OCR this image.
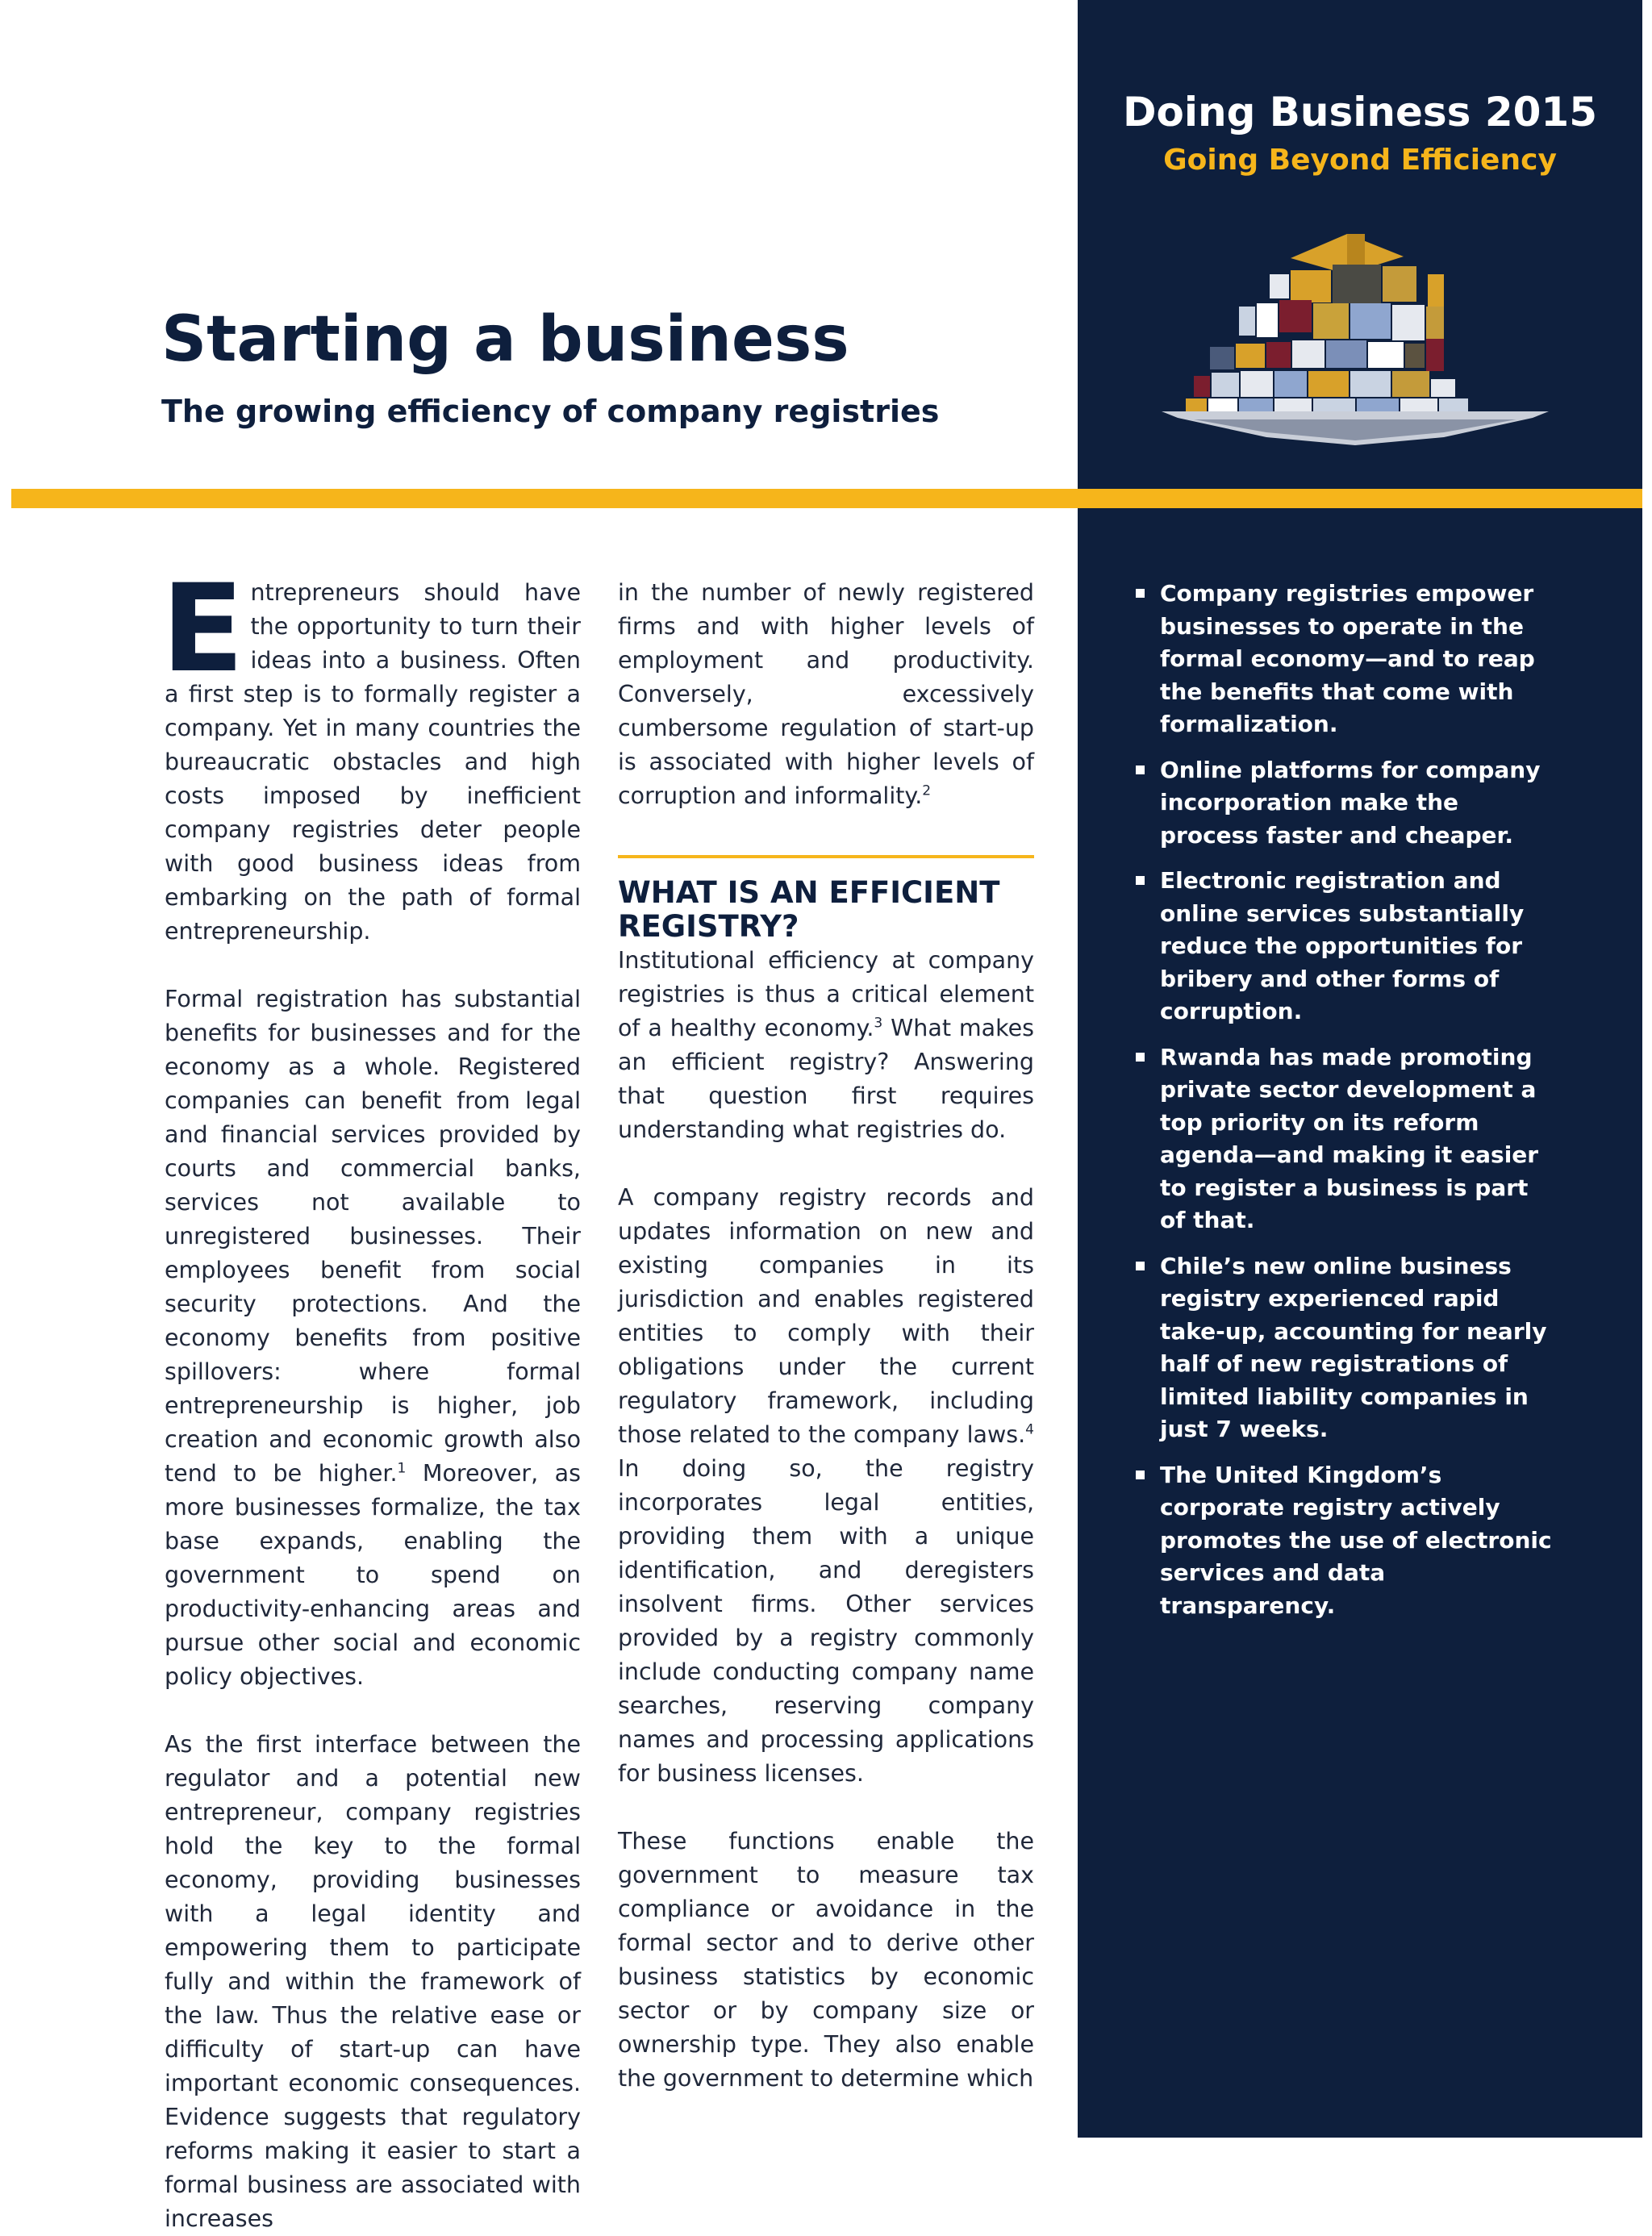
Doing Business 2015
Going Beyond Efficiency
Starting a business
The growing efficiency of company registries

Entrepreneurs should have the opportunity to turn their ideas into a business. Often a first step is to formally register a company. Yet in many countries the bureaucratic obstacles and high costs imposed by inefficient company registries deter people with good business ideas from embarking on the path of formal entrepreneurship.

Formal registration has substantial benefits for businesses and for the economy as a whole. Registered companies can benefit from legal and financial services provided by courts and commercial banks, services not available to unregistered businesses. Their employees benefit from social security protections. And the economy benefits from positive spillovers: where formal entrepreneurship is higher, job creation and economic growth also tend to be higher.$^1$ Moreover, as more businesses formalize, the tax base expands, enabling the government to spend on productivity-enhancing areas and pursue other social and economic policy objectives.

As the first interface between the regulator and a potential new entrepreneur, company registries hold the key to the formal economy, providing businesses with a legal identity and empowering them to participate fully and within the framework of the law. Thus the relative ease or difficulty of start-up can have important economic consequences. Evidence suggests that regulatory reforms making it easier to start a formal business are associated with increases

in the number of newly registered firms and with higher levels of employment and productivity. Conversely, excessively cumbersome regulation of start-up is associated with higher levels of corruption and informality.$^2$

WHAT IS AN EFFICIENT REGISTRY?

Institutional efficiency at company registries is thus a critical element of a healthy economy.$^3$ What makes an efficient registry? Answering that question first requires understanding what registries do.

A company registry records and updates information on new and existing companies in its jurisdiction and enables registered entities to comply with their obligations under the current regulatory framework, including those related to the company laws.$^4$ In doing so, the registry incorporates legal entities, providing them with a unique identification, and deregisters insolvent firms. Other services provided by a registry commonly include conducting company name searches, reserving company names and processing applications for business licenses.

These functions enable the government to measure tax compliance or avoidance in the formal sector and to derive other business statistics by economic sector or by company size or ownership type. They also enable the government to determine which

Company registries empower businesses to operate in the formal economy—and to reap the benefits that come with formalization.
Online platforms for company incorporation make the process faster and cheaper.
Electronic registration and online services substantially reduce the opportunities for bribery and other forms of corruption.
Rwanda has made promoting private sector development a top priority on its reform agenda—and making it easier to register a business is part of that.
Chile’s new online business registry experienced rapid take-up, accounting for nearly half of new registrations of limited liability companies in just 7 weeks.
The United Kingdom’s corporate registry actively promotes the use of electronic services and data transparency.
